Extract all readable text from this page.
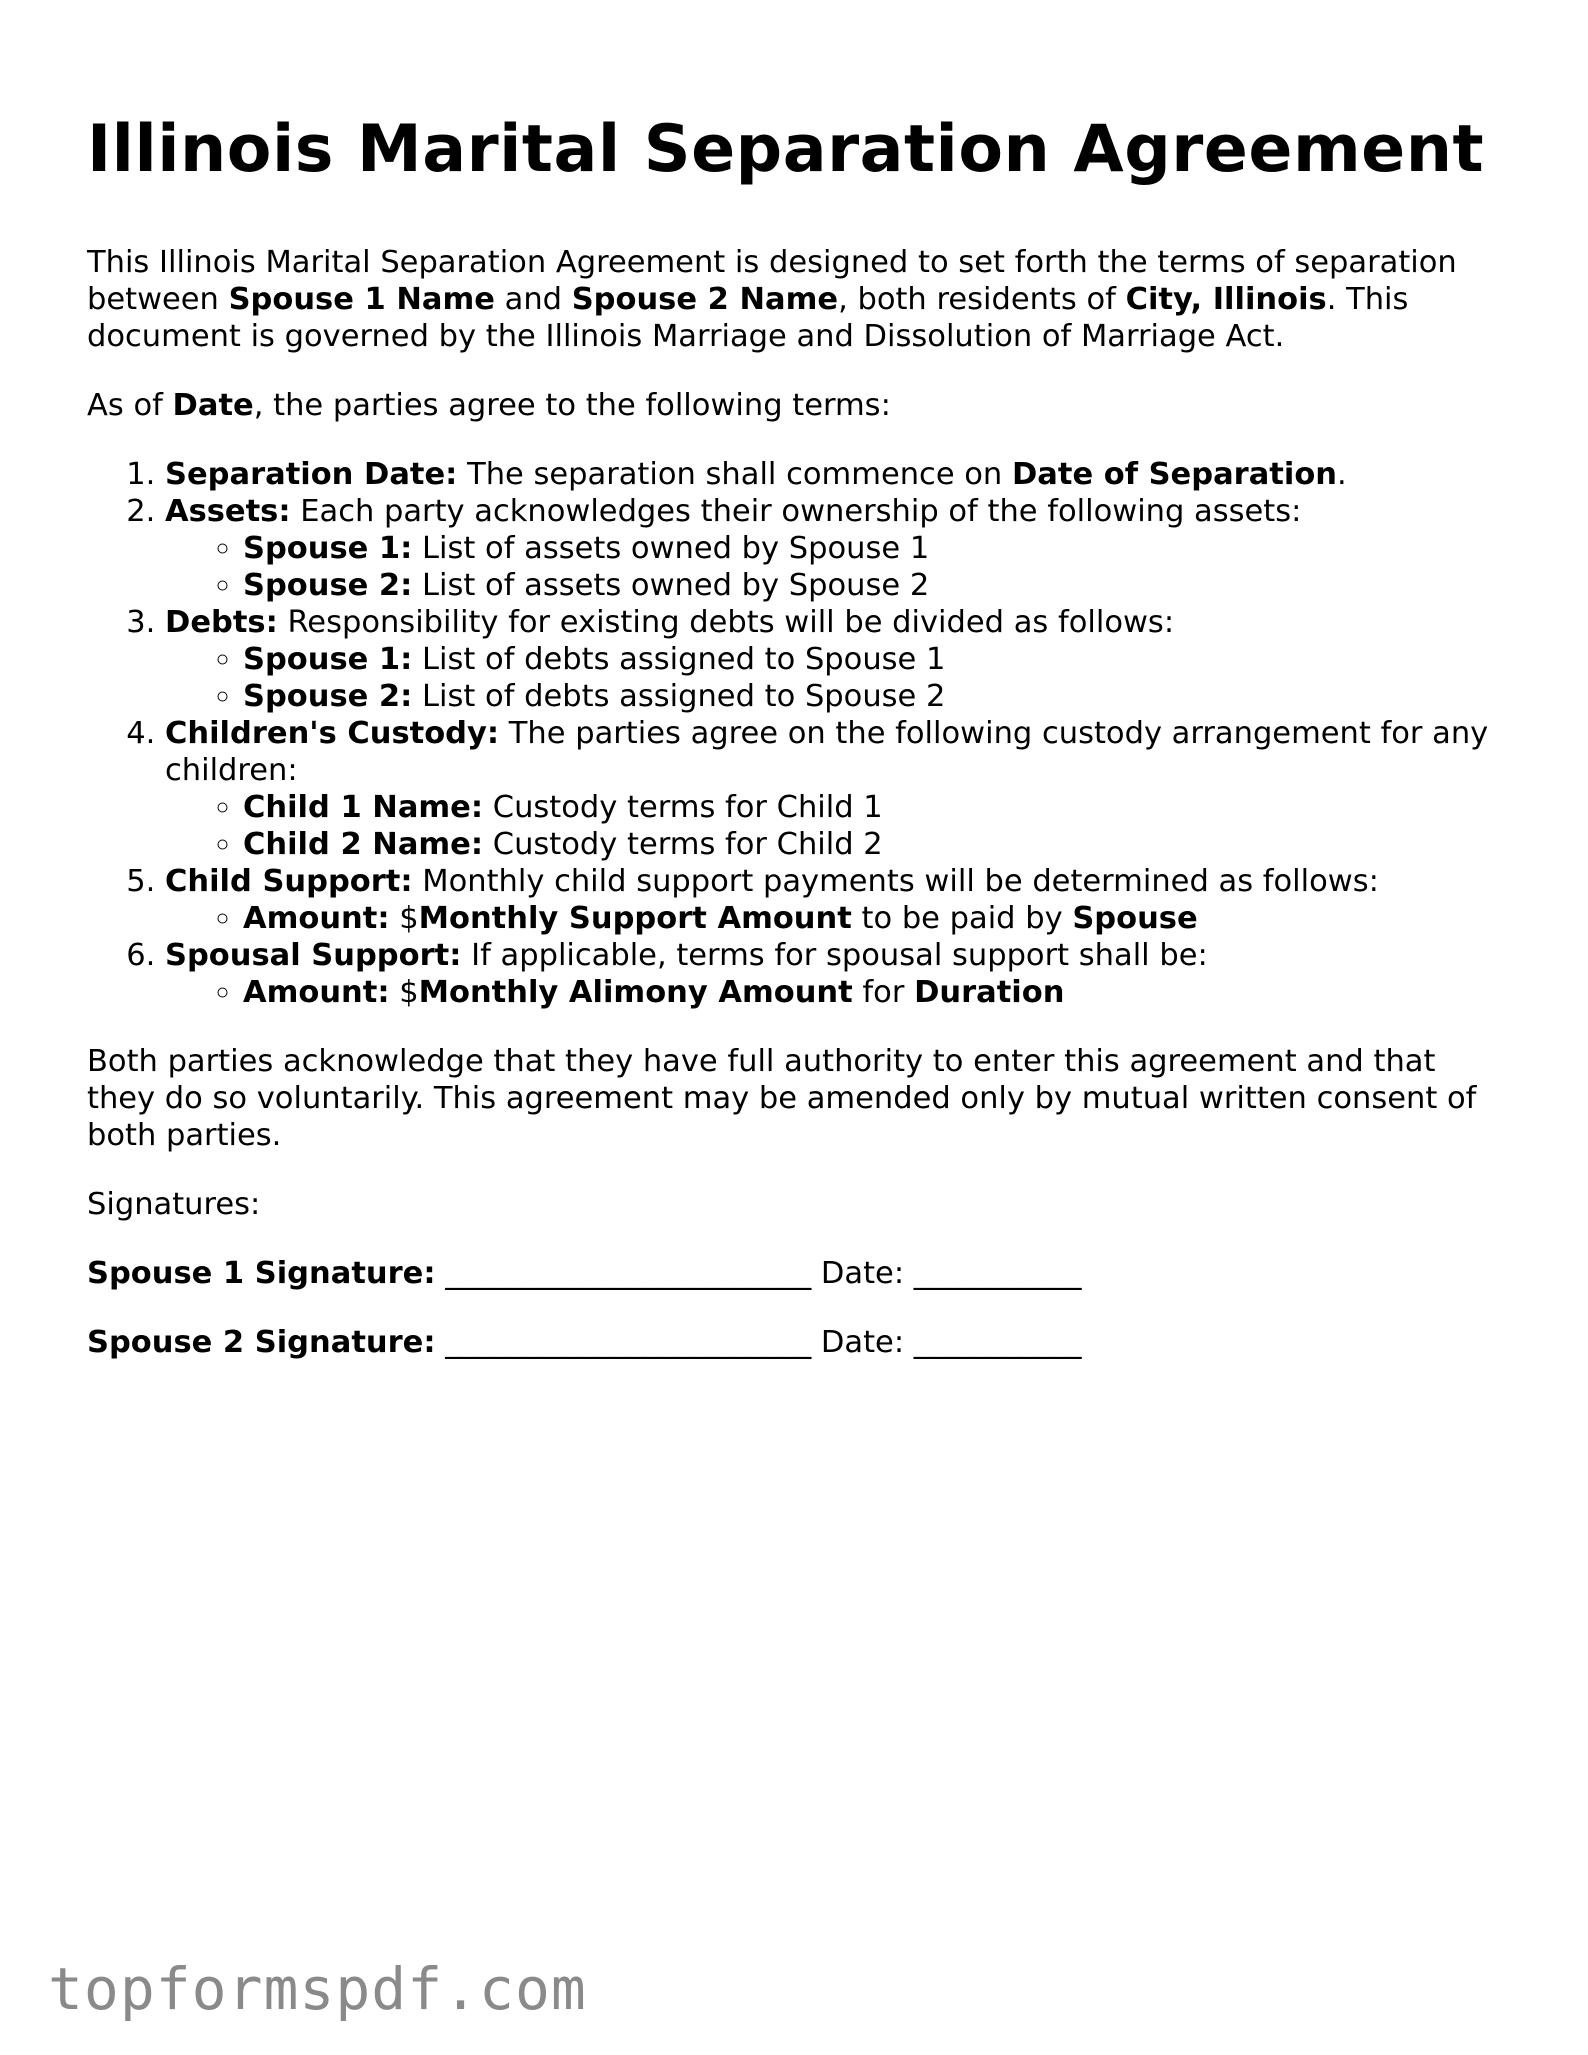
Illinois Marital Separation Agreement

This Illinois Marital Separation Agreement is designed to set forth the terms of separation between Spouse 1 Name and Spouse 2 Name, both residents of City, Illinois. This document is governed by the Illinois Marriage and Dissolution of Marriage Act.

As of Date, the parties agree to the following terms:

1. Separation Date: The separation shall commence on Date of Separation.
2. Assets: Each party acknowledges their ownership of the following assets:
◦ Spouse 1: List of assets owned by Spouse 1
◦ Spouse 2: List of assets owned by Spouse 2
3. Debts: Responsibility for existing debts will be divided as follows:
◦ Spouse 1: List of debts assigned to Spouse 1
◦ Spouse 2: List of debts assigned to Spouse 2
4. Children's Custody: The parties agree on the following custody arrangement for any children:
◦ Child 1 Name: Custody terms for Child 1
◦ Child 2 Name: Custody terms for Child 2
5. Child Support: Monthly child support payments will be determined as follows:
◦ Amount: $Monthly Support Amount to be paid by Spouse
6. Spousal Support: If applicable, terms for spousal support shall be:
◦ Amount: $Monthly Alimony Amount for Duration

Both parties acknowledge that they have full authority to enter this agreement and that they do so voluntarily. This agreement may be amended only by mutual written consent of both parties.

Signatures:

Spouse 1 Signature: ________________________ Date: ___________

Spouse 2 Signature: ________________________ Date: ___________

topformspdf.com
